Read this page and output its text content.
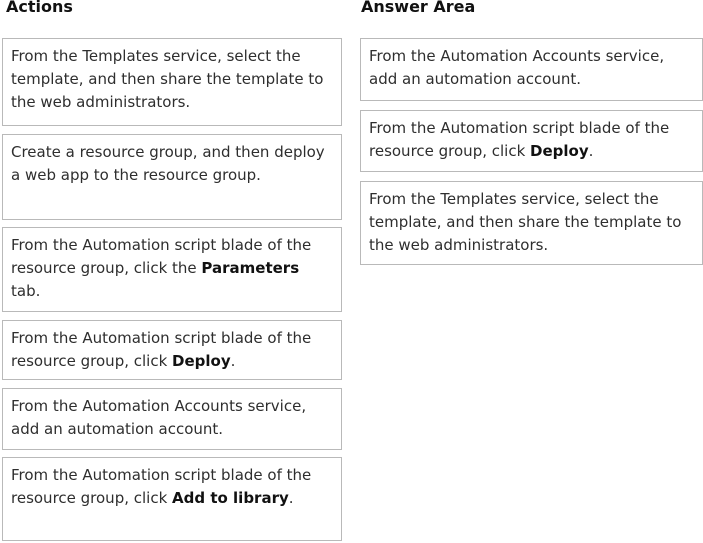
Actions	Answer Area
From the Templates service, select the template, and then share the template to the web administrators.
Create a resource group, and then deploy a web app to the resource group.
From the Automation script blade of the resource group, click the Parameters tab.
From the Automation script blade of the resource group, click Deploy.
From the Automation Accounts service, add an automation account.
From the Automation script blade of the resource group, click Add to library.
From the Automation Accounts service, add an automation account.
From the Automation script blade of the resource group, click Deploy.
From the Templates service, select the template, and then share the template to the web administrators.
